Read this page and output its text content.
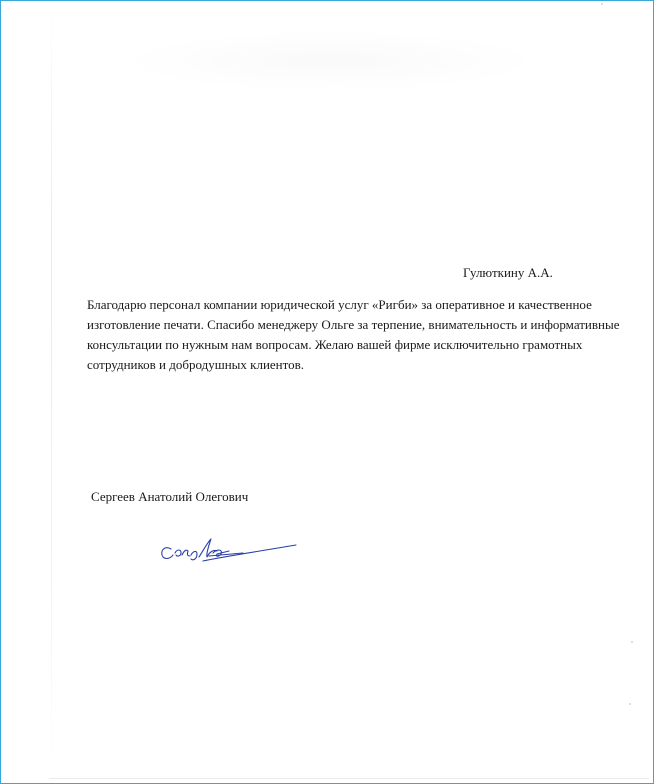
Гулюткину А.А.

Благодарю персонал компании юридической услуг «Ригби» за оперативное и качественное изготовление печати. Спасибо менеджеру Ольге за терпение, внимательность и информативные консультации по нужным нам вопросам. Желаю вашей фирме исключительно грамотных сотрудников и добродушных клиентов.

Сергеев Анатолий Олегович
